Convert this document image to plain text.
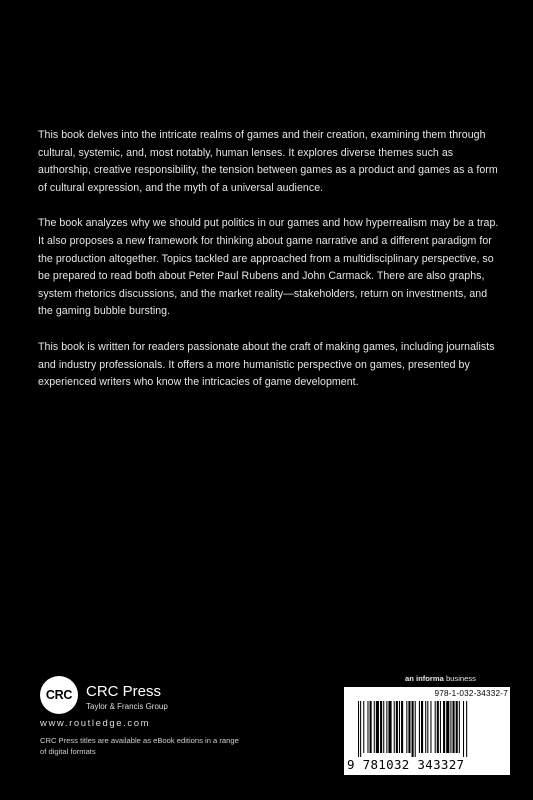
This book delves into the intricate realms of games and their creation, examining them through cultural, systemic, and, most notably, human lenses. It explores diverse themes such as authorship, creative responsibility, the tension between games as a product and games as a form of cultural expression, and the myth of a universal audience.

The book analyzes why we should put politics in our games and how hyperrealism may be a trap. It also proposes a new framework for thinking about game narrative and a different paradigm for the production altogether. Topics tackled are approached from a multidisciplinary perspective, so be prepared to read both about Peter Paul Rubens and John Carmack. There are also graphs, system rhetorics discussions, and the market reality—stakeholders, return on investments, and the gaming bubble bursting.

This book is written for readers passionate about the craft of making games, including journalists and industry professionals. It offers a more humanistic perspective on games, presented by experienced writers who know the intricacies of game development.

CRC CRC Press
Taylor & Francis Group
www.routledge.com
CRC Press titles are available as eBook editions in a range of digital formats
an informa business
978-1-032-34332-7
9 781032 343327
